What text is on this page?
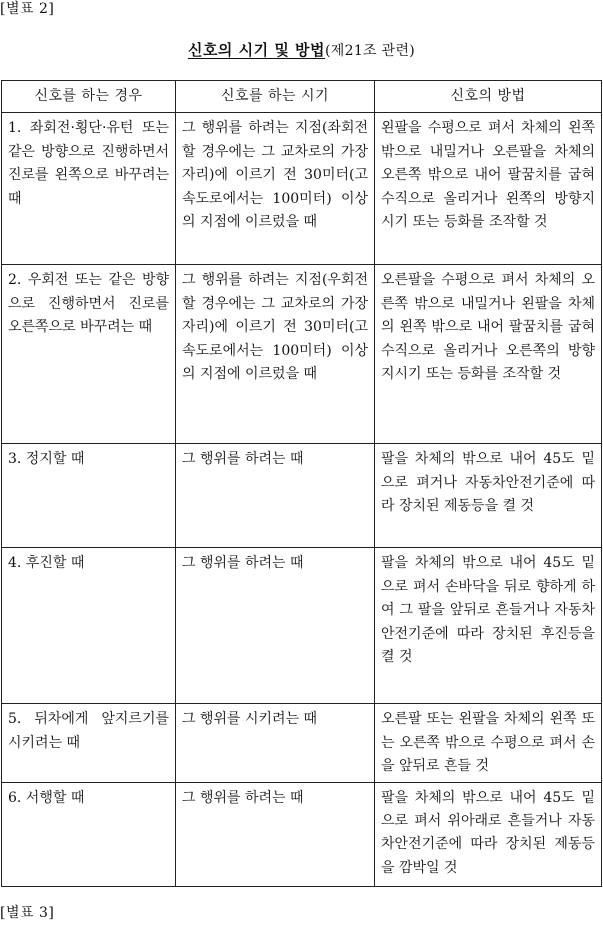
[별표 2]
신호의 시기 및 방법(제21조 관련)
신호를 하는 경우	신호를 하는 시기	신호의 방법
1. 좌회전·횡단·유턴 또는 같은 방향으로 진행하면서 진로를 왼쪽으로 바꾸려는 때	그 행위를 하려는 지점(좌회전할 경우에는 그 교차로의 가장자리)에 이르기 전 30미터(고속도로에서는 100미터) 이상의 지점에 이르렀을 때	왼팔을 수평으로 펴서 차체의 왼쪽 밖으로 내밀거나 오른팔을 차체의 오른쪽 밖으로 내어 팔꿈치를 굽혀 수직으로 올리거나 왼쪽의 방향지시기 또는 등화를 조작할 것
2. 우회전 또는 같은 방향으로 진행하면서 진로를 오른쪽으로 바꾸려는 때	그 행위를 하려는 지점(우회전할 경우에는 그 교차로의 가장자리)에 이르기 전 30미터(고속도로에서는 100미터) 이상의 지점에 이르렀을 때	오른팔을 수평으로 펴서 차체의 오른쪽 밖으로 내밀거나 왼팔을 차체의 왼쪽 밖으로 내어 팔꿈치를 굽혀 수직으로 올리거나 오른쪽의 방향지시기 또는 등화를 조작할 것
3. 정지할 때	그 행위를 하려는 때	팔을 차체의 밖으로 내어 45도 밑으로 펴거나 자동차안전기준에 따라 장치된 제동등을 켤 것
4. 후진할 때	그 행위를 하려는 때	팔을 차체의 밖으로 내어 45도 밑으로 펴서 손바닥을 뒤로 향하게 하여 그 팔을 앞뒤로 흔들거나 자동차안전기준에 따라 장치된 후진등을 켤 것
5. 뒤차에게 앞지르기를 시키려는 때	그 행위를 시키려는 때	오른팔 또는 왼팔을 차체의 왼쪽 또는 오른쪽 밖으로 수평으로 펴서 손을 앞뒤로 흔들 것
6. 서행할 때	그 행위를 하려는 때	팔을 차체의 밖으로 내어 45도 밑으로 펴서 위아래로 흔들거나 자동차안전기준에 따라 장치된 제동등을 깜박일 것
[별표 3]
